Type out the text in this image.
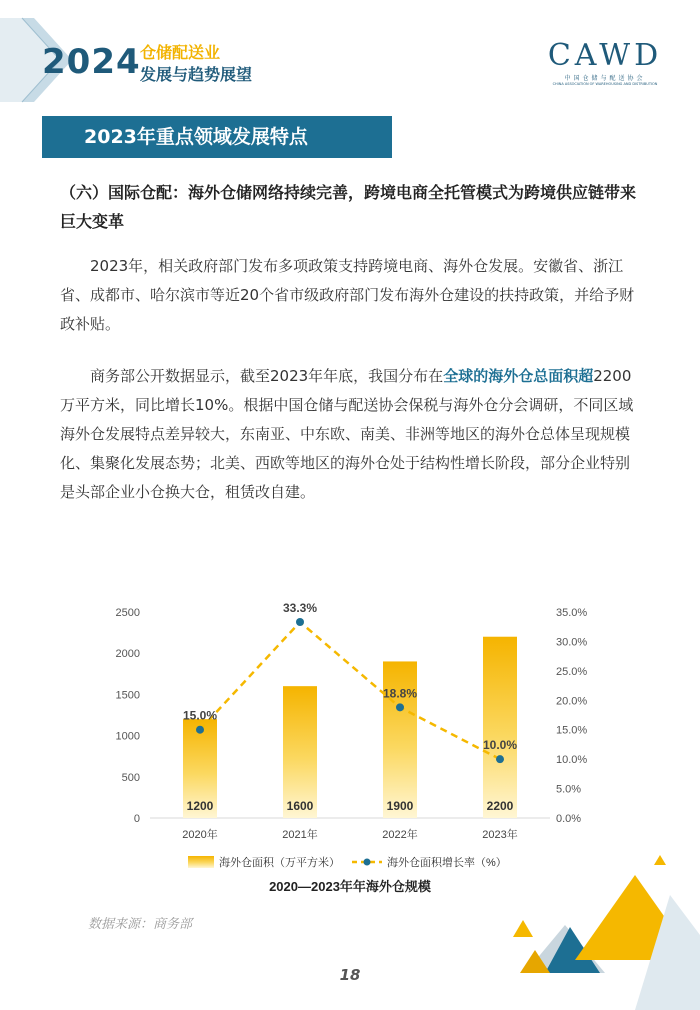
2024 仓储配送业
发展与趋势展望
CAWD
中国仓储与配送协会
CHINA ASSOCIATION OF WAREHOUSING AND DISTRIBUTION
2023年重点领域发展特点
（六）国际仓配：海外仓储网络持续完善，跨境电商全托管模式为跨境供应链带来巨大变革
2023年，相关政府部门发布多项政策支持跨境电商、海外仓发展。安徽省、浙江省、成都市、哈尔滨市等近20个省市级政府部门发布海外仓建设的扶持政策，并给予财政补贴。
商务部公开数据显示，截至2023年年底，我国分布在全球的海外仓总面积超2200万平方米，同比增长10%。根据中国仓储与配送协会保税与海外仓分会调研，不同区域海外仓发展特点差异较大，东南亚、中东欧、南美、非洲等地区的海外仓总体呈现规模化、集聚化发展态势；北美、西欧等地区的海外仓处于结构性增长阶段，部分企业特别是头部企业小仓换大仓，租赁改自建。
0
500
1000
1500
2000
2500
0.0%
5.0%
10.0%
15.0%
20.0%
25.0%
30.0%
35.0%
2020年	2021年	2022年	2023年
1200	1600	1900	2200
15.0%
33.3%
18.8%
10.0%
海外仓面积（万平方米）	海外仓面积增长率（%）
2020—2023年年海外仓规模
数据来源：商务部
18
